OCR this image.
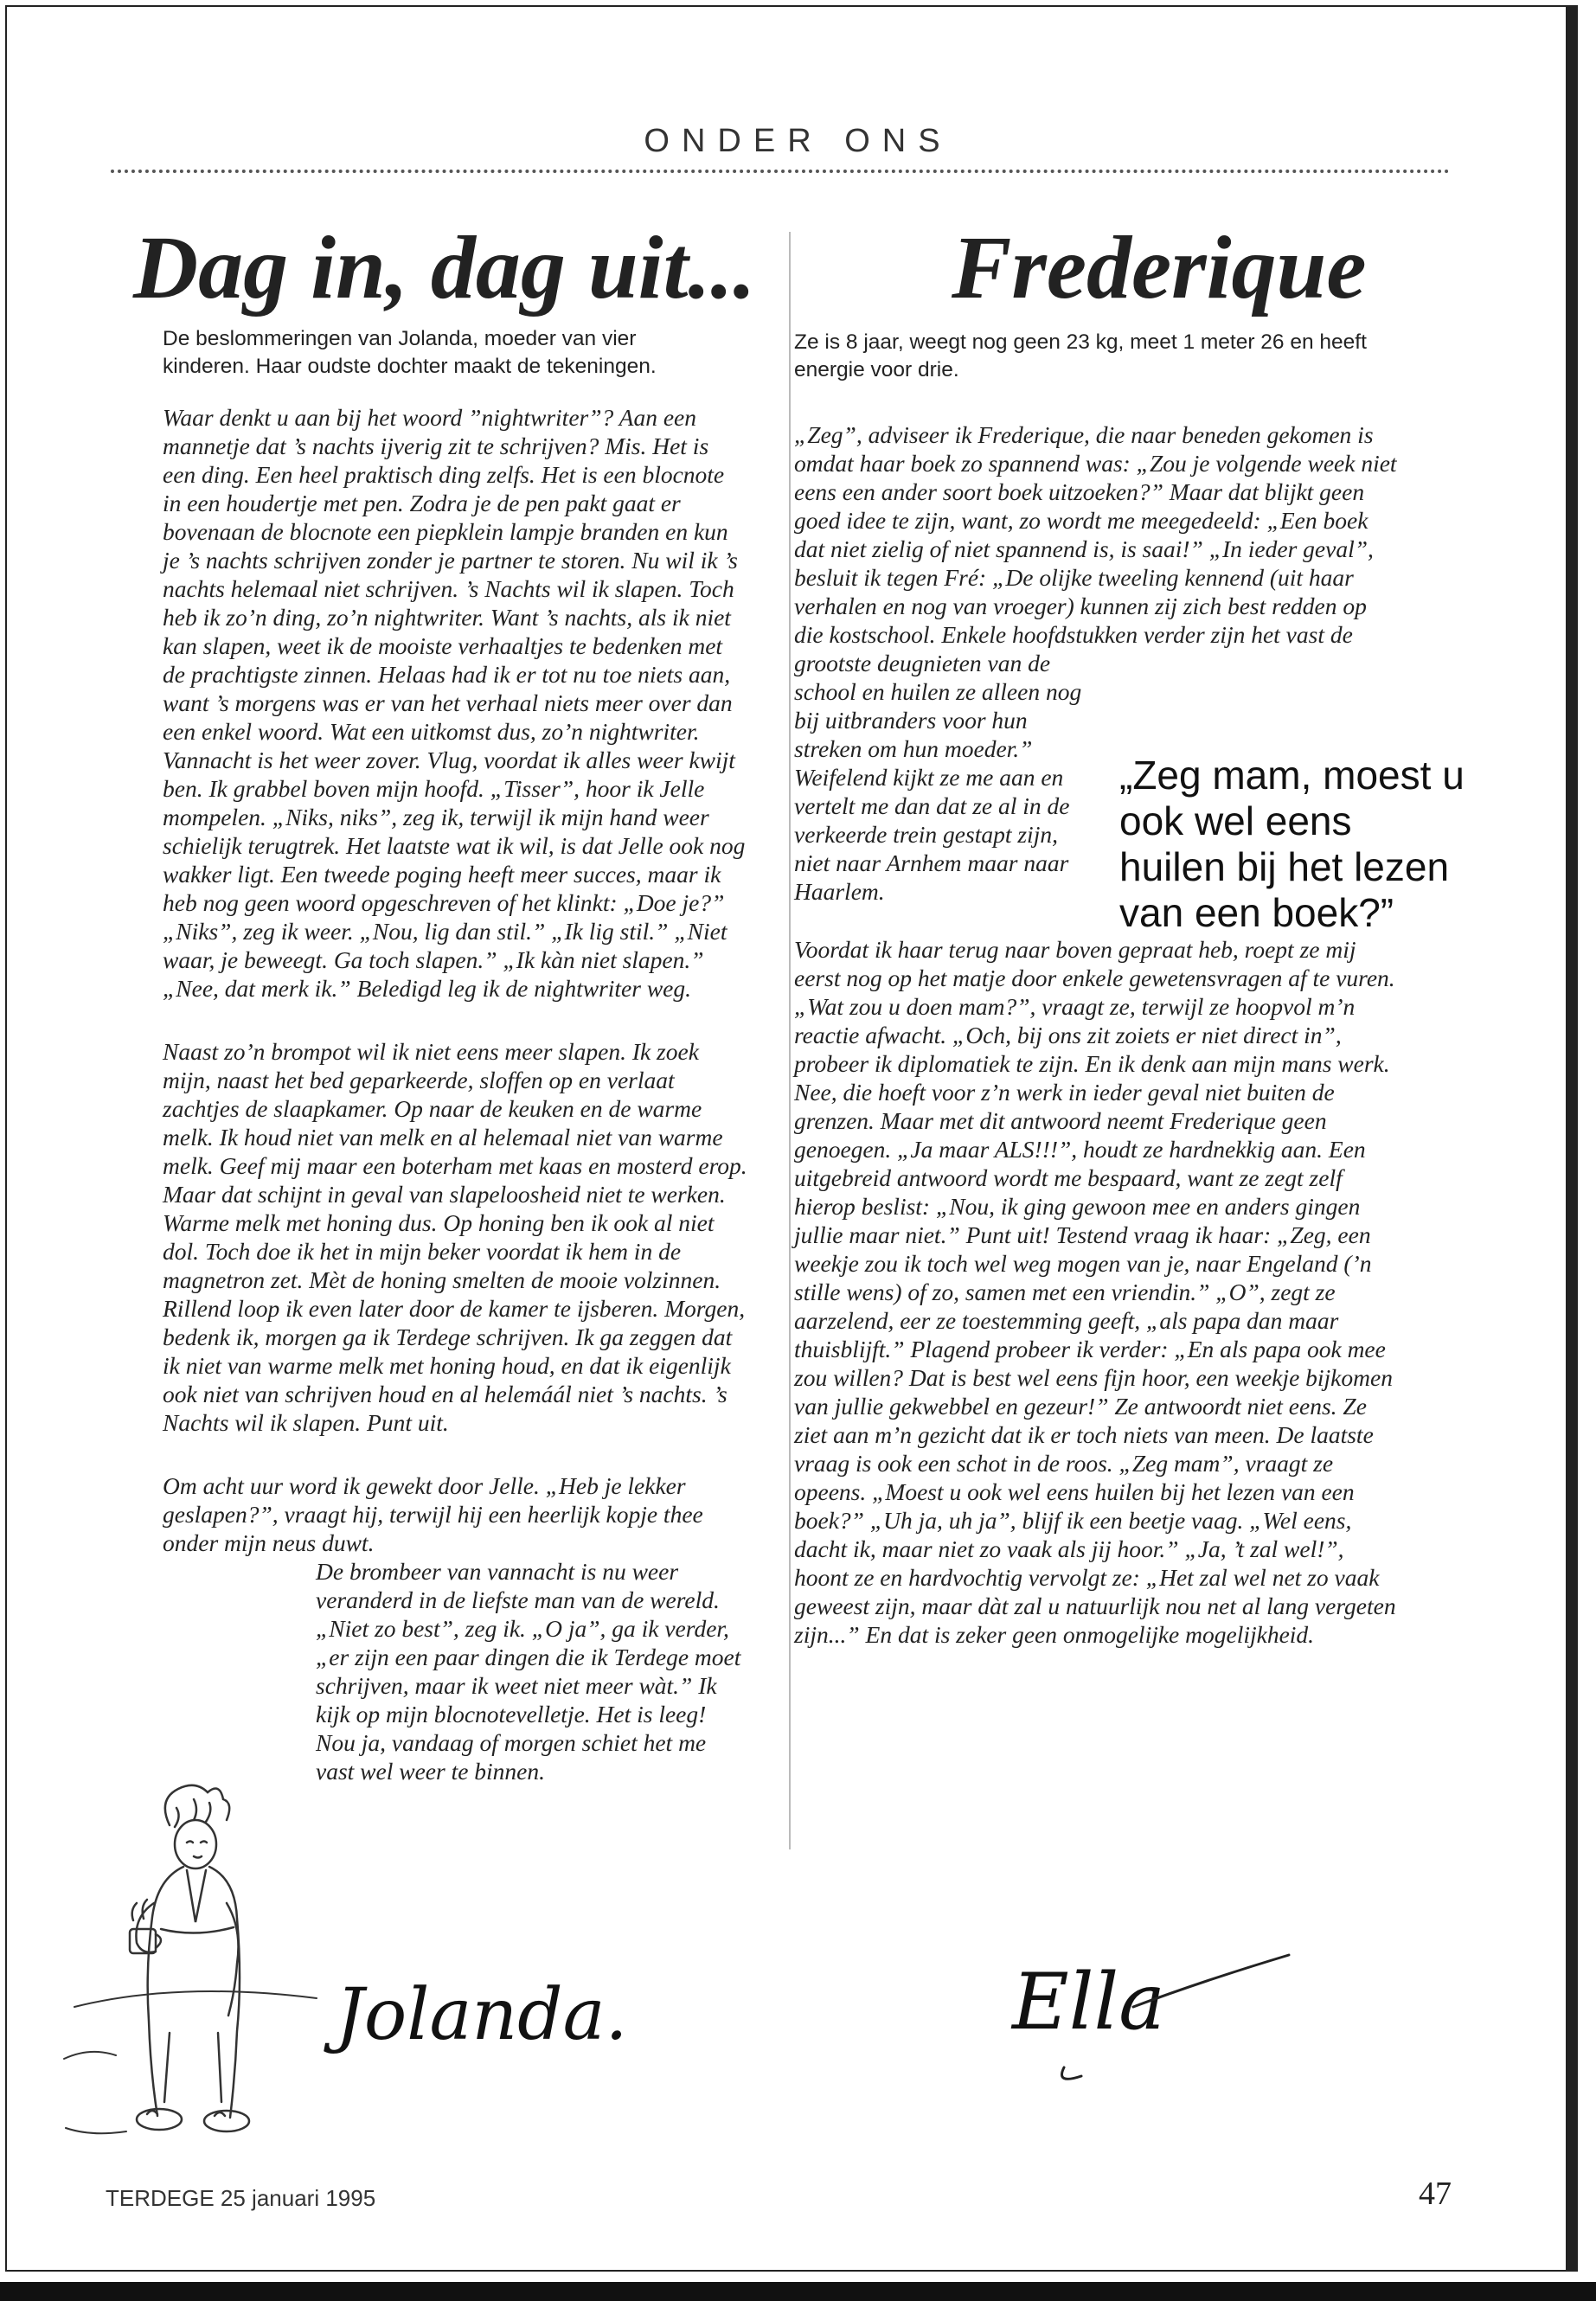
ONDER ONS
Dag in, dag uit...

De beslommeringen van Jolanda, moeder van vier kinderen. Haar oudste dochter maakt de tekeningen.

Waar denkt u aan bij het woord ”nightwriter”? Aan een mannetje dat ’s nachts ijverig zit te schrijven? Mis. Het is een ding. Een heel praktisch ding zelfs. Het is een blocnote in een houdertje met pen. Zodra je de pen pakt gaat er bovenaan de blocnote een piepklein lampje branden en kun je ’s nachts schrijven zonder je partner te storen. Nu wil ik ’s nachts helemaal niet schrijven. ’s Nachts wil ik slapen. Toch heb ik zo’n ding, zo’n nightwriter. Want ’s nachts, als ik niet kan slapen, weet ik de mooiste verhaaltjes te bedenken met de prachtigste zinnen. Helaas had ik er tot nu toe niets aan, want ’s morgens was er van het verhaal niets meer over dan een enkel woord. Wat een uitkomst dus, zo’n nightwriter. Vannacht is het weer zover. Vlug, voordat ik alles weer kwijt ben. Ik grabbel boven mijn hoofd. „Tisser”, hoor ik Jelle mompelen. „Niks, niks”, zeg ik, terwijl ik mijn hand weer schielijk terugtrek. Het laatste wat ik wil, is dat Jelle ook nog wakker ligt. Een tweede poging heeft meer succes, maar ik heb nog geen woord opgeschreven of het klinkt: „Doe je?” „Niks”, zeg ik weer. „Nou, lig dan stil.” „Ik lig stil.” „Niet waar, je beweegt. Ga toch slapen.” „Ik kàn niet slapen.” „Nee, dat merk ik.” Beledigd leg ik de nightwriter weg.

Naast zo’n brompot wil ik niet eens meer slapen. Ik zoek mijn, naast het bed geparkeerde, sloffen op en verlaat zachtjes de slaapkamer. Op naar de keuken en de warme melk. Ik houd niet van melk en al helemaal niet van warme melk. Geef mij maar een boterham met kaas en mosterd erop. Maar dat schijnt in geval van slapeloosheid niet te werken. Warme melk met honing dus. Op honing ben ik ook al niet dol. Toch doe ik het in mijn beker voordat ik hem in de magnetron zet. Mèt de honing smelten de mooie volzinnen. Rillend loop ik even later door de kamer te ijsberen. Morgen, bedenk ik, morgen ga ik Terdege schrijven. Ik ga zeggen dat ik niet van warme melk met honing houd, en dat ik eigenlijk ook niet van schrijven houd en al helemáál niet ’s nachts. ’s Nachts wil ik slapen. Punt uit.

Om acht uur word ik gewekt door Jelle. „Heb je lekker geslapen?”, vraagt hij, terwijl hij een heerlijk kopje thee onder mijn neus duwt.

De brombeer van vannacht is nu weer veranderd in de liefste man van de wereld. „Niet zo best”, zeg ik. „O ja”, ga ik verder, „er zijn een paar dingen die ik Terdege moet schrijven, maar ik weet niet meer wàt.” Ik kijk op mijn blocnotevelletje. Het is leeg! Nou ja, vandaag of morgen schiet het me vast wel weer te binnen.

Jolanda.
Frederique

Ze is 8 jaar, weegt nog geen 23 kg, meet 1 meter 26 en heeft energie voor drie.

„Zeg”, adviseer ik Frederique, die naar beneden gekomen is omdat haar boek zo spannend was: „Zou je volgende week niet eens een ander soort boek uitzoeken?” Maar dat blijkt geen goed idee te zijn, want, zo wordt me meegedeeld: „Een boek dat niet zielig of niet spannend is, is saai!” „In ieder geval”, besluit ik tegen Fré: „De olijke tweeling kennend (uit haar verhalen en nog van vroeger) kunnen zij zich best redden op die kostschool. Enkele hoofdstukken verder zijn het vast de grootste deugnieten van de

school en huilen ze alleen nog bij uitbranders voor hun streken om hun moeder.” Weifelend kijkt ze me aan en vertelt me dan dat ze al in de verkeerde trein gestapt zijn, niet naar Arnhem maar naar Haarlem.

Voordat ik haar terug naar boven gepraat heb, roept ze mij eerst nog op het matje door enkele gewetensvragen af te vuren. „Wat zou u doen mam?”, vraagt ze, terwijl ze hoopvol m’n reactie afwacht. „Och, bij ons zit zoiets er niet direct in”, probeer ik diplomatiek te zijn. En ik denk aan mijn mans werk. Nee, die hoeft voor z’n werk in ieder geval niet buiten de grenzen. Maar met dit antwoord neemt Frederique geen genoegen. „Ja maar ALS!!!”, houdt ze hardnekkig aan. Een uitgebreid antwoord wordt me bespaard, want ze zegt zelf hierop beslist: „Nou, ik ging gewoon mee en anders gingen jullie maar niet.” Punt uit! Testend vraag ik haar: „Zeg, een weekje zou ik toch wel weg mogen van je, naar Engeland (’n stille wens) of zo, samen met een vriendin.” „O”, zegt ze aarzelend, eer ze toestemming geeft, „als papa dan maar thuisblijft.” Plagend probeer ik verder: „En als papa ook mee zou willen? Dat is best wel eens fijn hoor, een weekje bijkomen van jullie gekwebbel en gezeur!” Ze antwoordt niet eens. Ze ziet aan m’n gezicht dat ik er toch niets van meen. De laatste vraag is ook een schot in de roos. „Zeg mam”, vraagt ze opeens. „Moest u ook wel eens huilen bij het lezen van een boek?” „Uh ja, uh ja”, blijf ik een beetje vaag. „Wel eens, dacht ik, maar niet zo vaak als jij hoor.” „Ja, ’t zal wel!”, hoont ze en hardvochtig vervolgt ze: „Het zal wel net zo vaak geweest zijn, maar dàt zal u natuurlijk nou net al lang vergeten zijn...” En dat is zeker geen onmogelijke mogelijkheid.

„Zeg mam, moest u ook wel eens huilen bij het lezen van een boek?”

Ella
TERDEGE 25 januari 1995	47
